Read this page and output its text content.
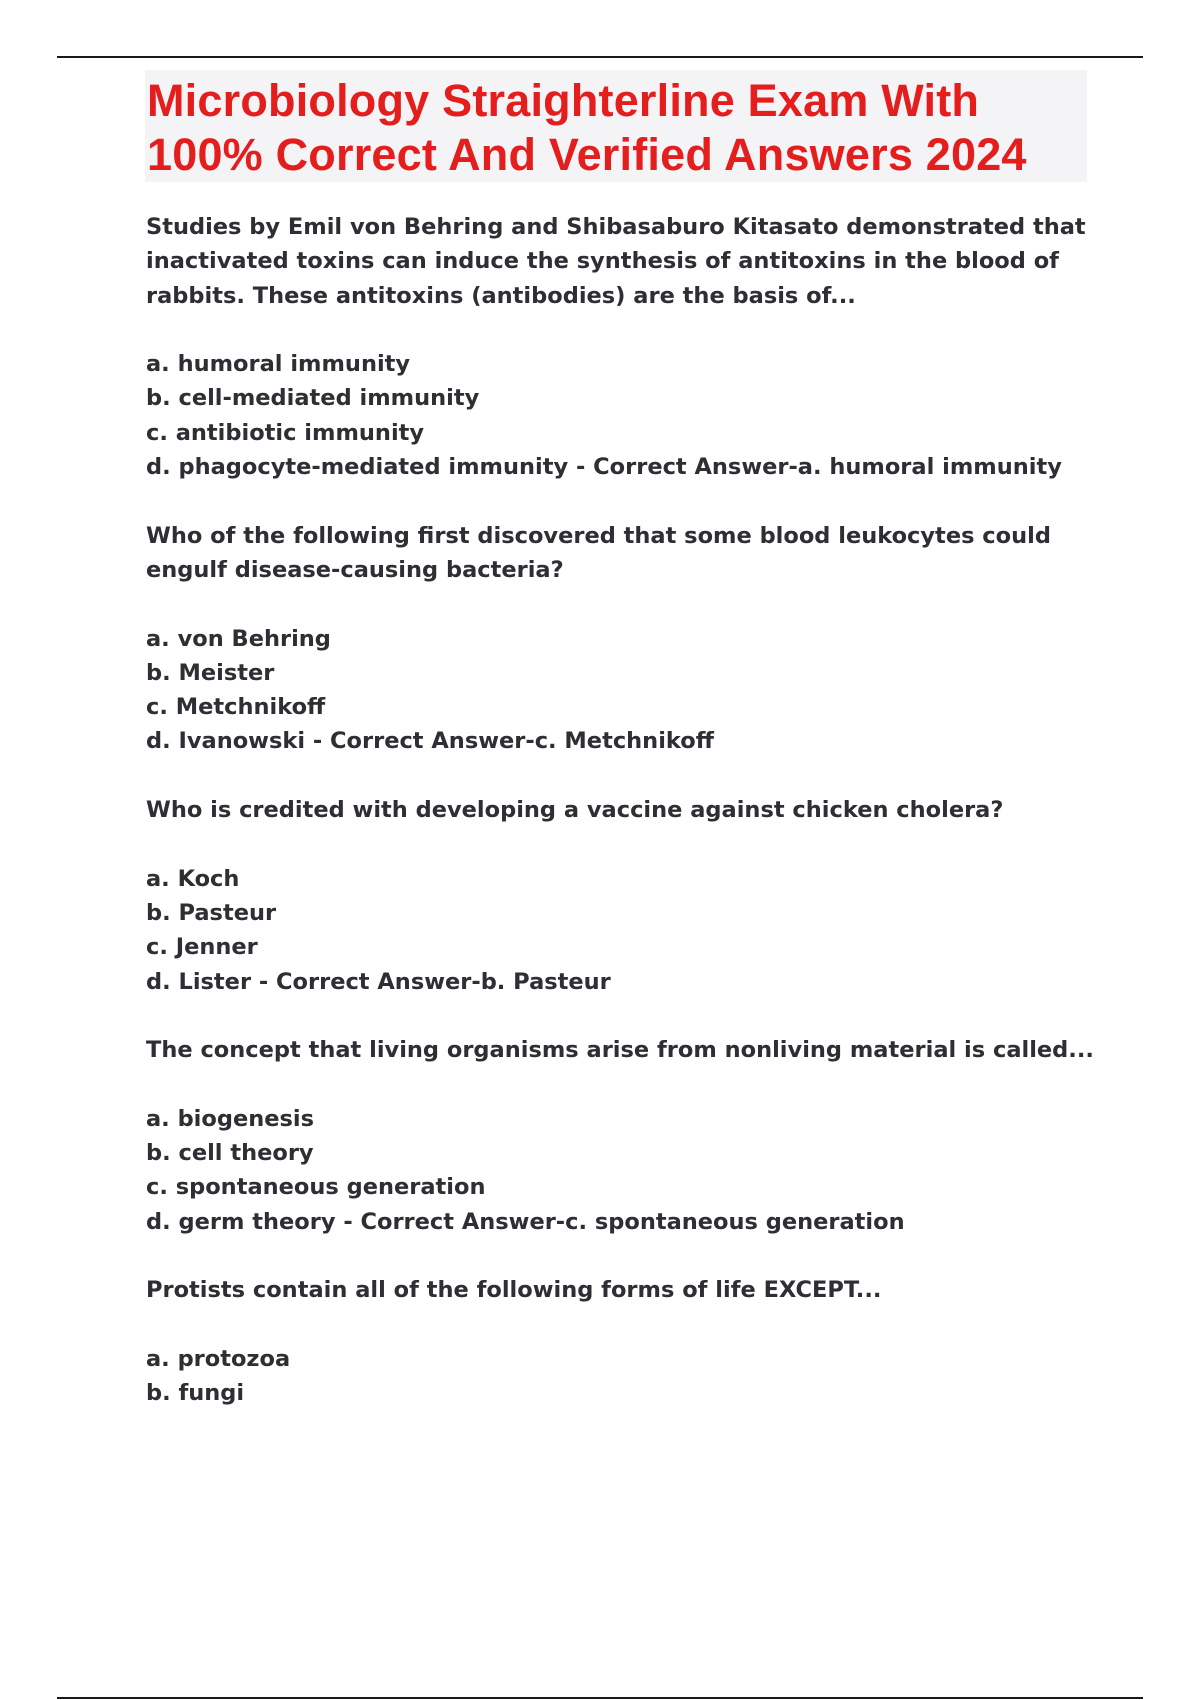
Microbiology Straighterline Exam With 100% Correct And Verified Answers 2024

Studies by Emil von Behring and Shibasaburo Kitasato demonstrated that inactivated toxins can induce the synthesis of antitoxins in the blood of rabbits. These antitoxins (antibodies) are the basis of...

a. humoral immunity
b. cell-mediated immunity
c. antibiotic immunity
d. phagocyte-mediated immunity - Correct Answer-a. humoral immunity

Who of the following first discovered that some blood leukocytes could engulf disease-causing bacteria?

a. von Behring
b. Meister
c. Metchnikoff
d. Ivanowski - Correct Answer-c. Metchnikoff

Who is credited with developing a vaccine against chicken cholera?

a. Koch
b. Pasteur
c. Jenner
d. Lister - Correct Answer-b. Pasteur

The concept that living organisms arise from nonliving material is called...

a. biogenesis
b. cell theory
c. spontaneous generation
d. germ theory - Correct Answer-c. spontaneous generation

Protists contain all of the following forms of life EXCEPT...

a. protozoa
b. fungi
